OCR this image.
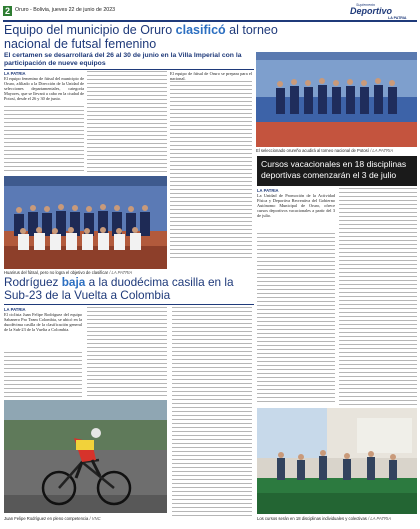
2 Oruro - Bolivia, jueves 22 de junio de 2023
Suplemento
Deportivo
LA PATRIA
Equipo del municipio de Oruro clasificó al torneo nacional de futsal femenino
El certamen se desarrollará del 26 al 30 de junio en la Villa Imperial con la participación de nueve equipos
LA PATRIA
El equipo femenino de fútsal del municipio de Oruro, afiliado a la Dirección de la Unidad de selecciones departamentales, categoría Mayores, que se llevará a cabo en la ciudad de Potosí, desde el 26 y 30 de junio.
El equipo de fútsal de Oruro se prepara para el nacional.
Huarirus del fútsal, pero no logra el objetivo de clasificar / LA PATRIA
El seleccionado orureño acudirá al torneo nacional de Potosí / LA PATRIA
Cursos vacacionales en 18 disciplinas deportivas comenzarán el 3 de julio
LA PATRIA
La Unidad de Promoción de la Actividad Física y Deportiva Recreativa del Gobierno Autónomo Municipal de Oruro, ofrece cursos deportivos vacacionales a partir del 3 de julio.
Los cursos serán en 18 disciplinas individuales y colectivas / LA PATRIA
Rodríguez baja a la duodécima casilla en la Sub-23 de la Vuelta a Colombia
LA PATRIA
El ciclista Juan Felipe Rodríguez del equipo Sabanero Pro Team Colombia, se ubicó en la duodécima casilla de la clasificación general de la Sub-23 de la Vuelta a Colombia.
Juan Felipe Rodríguez en pleno competencia / VNC
